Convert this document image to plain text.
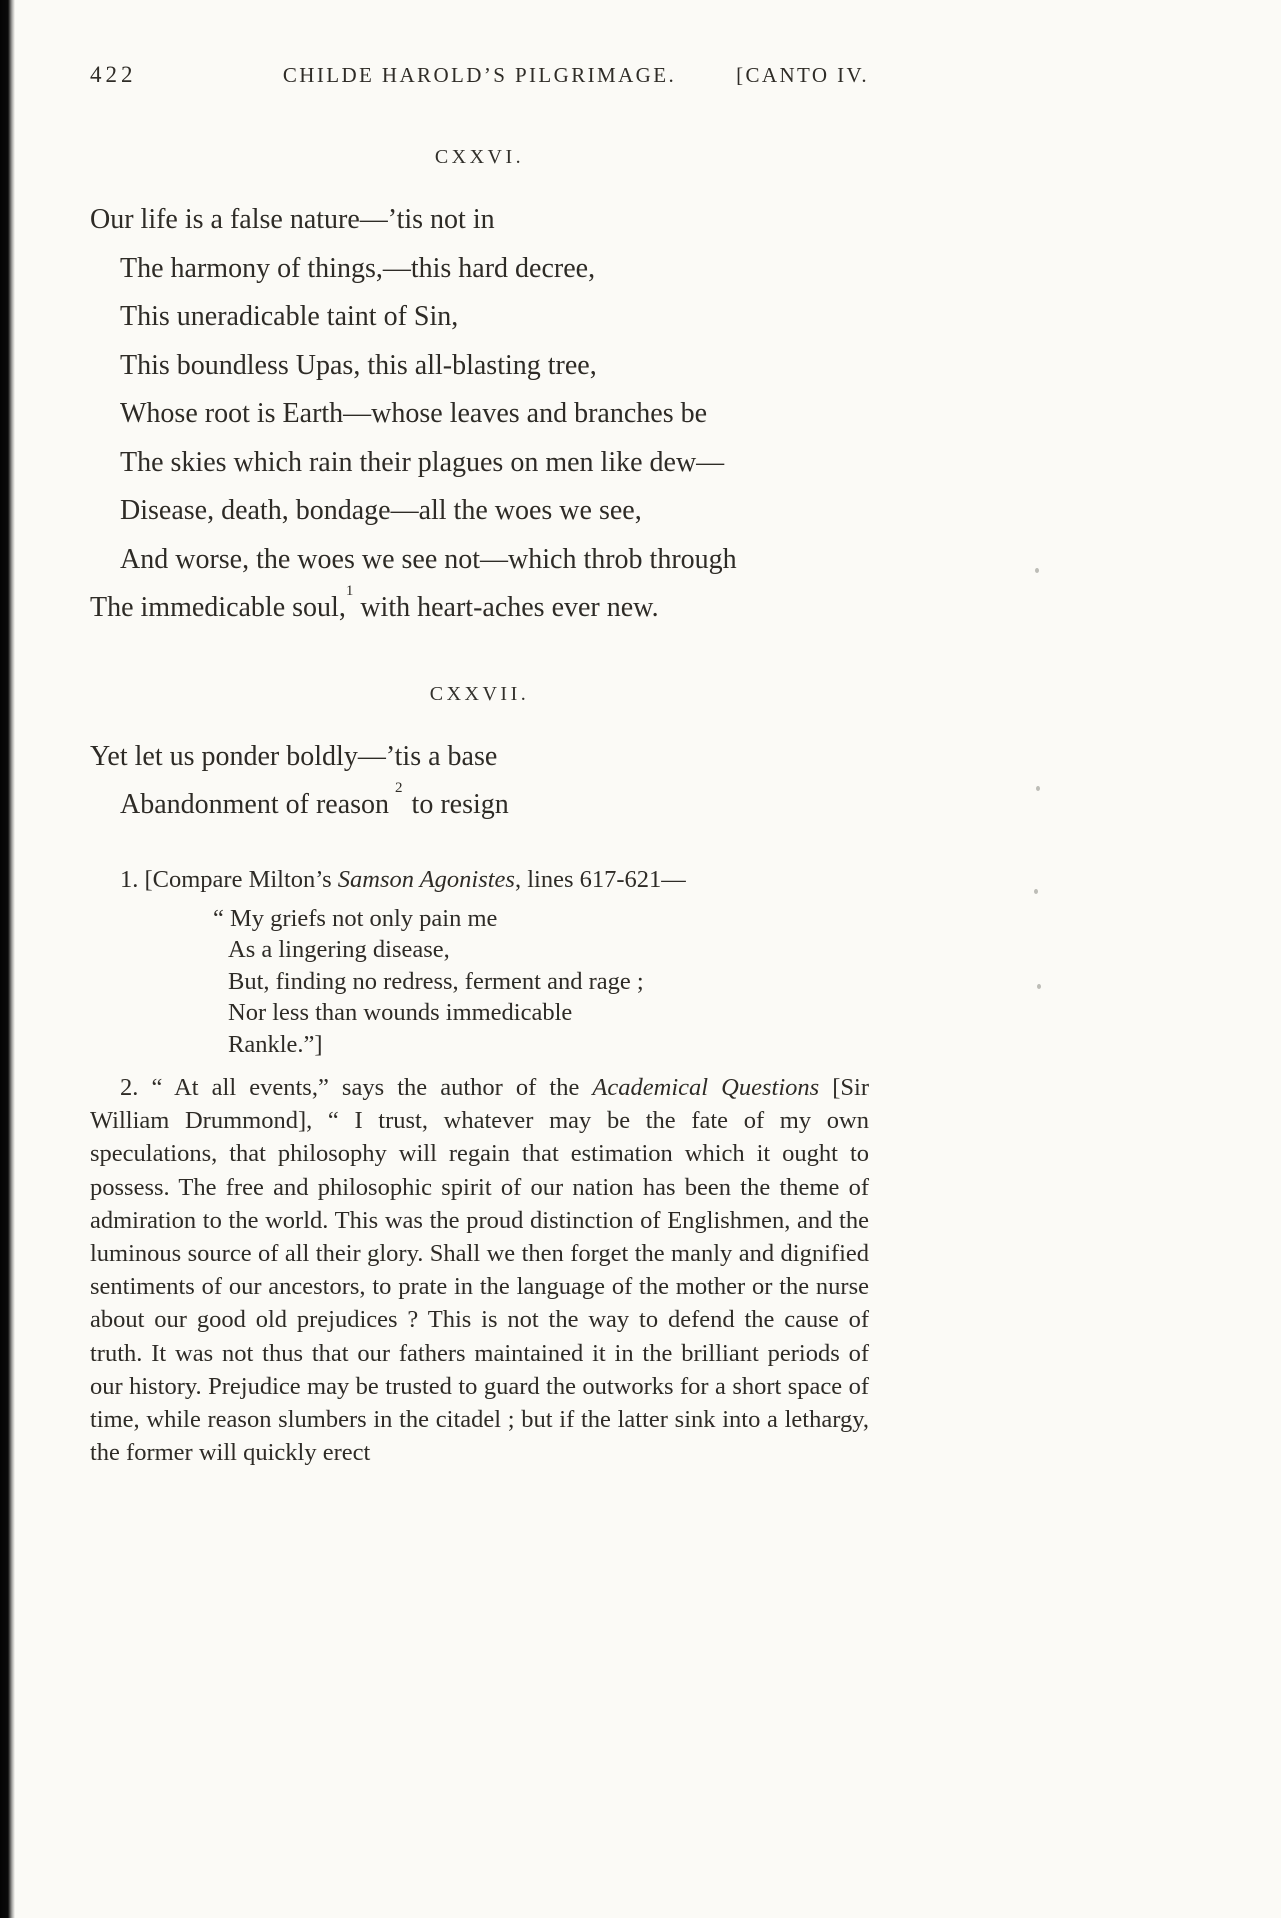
422	CHILDE HAROLD’S PILGRIMAGE.	[CANTO IV.
CXXVI.

Our life is a false nature—’tis not in

The harmony of things,—this hard decree,

This uneradicable taint of Sin,

This boundless Upas, this all-blasting tree,

Whose root is Earth—whose leaves and branches be

The skies which rain their plagues on men like dew—

Disease, death, bondage—all the woes we see,

And worse, the woes we see not—which throb through

The immedicable soul,$^1$ with heart-aches ever new.

CXXVII.

Yet let us ponder boldly—’tis a base

Abandonment of reason$^2$ to resign

1. [Compare Milton’s Samson Agonistes, lines 617-621—

“ My griefs not only pain me

As a lingering disease,

But, finding no redress, ferment and rage ;

Nor less than wounds immedicable

Rankle.”]

2. “ At all events,” says the author of the Academical Questions [Sir William Drummond], “ I trust, whatever may be the fate of my own speculations, that philosophy will regain that estimation which it ought to possess. The free and philosophic spirit of our nation has been the theme of admiration to the world. This was the proud distinction of Englishmen, and the luminous source of all their glory. Shall we then forget the manly and dignified sentiments of our ancestors, to prate in the language of the mother or the nurse about our good old prejudices ? This is not the way to defend the cause of truth. It was not thus that our fathers maintained it in the brilliant periods of our history. Prejudice may be trusted to guard the outworks for a short space of time, while reason slumbers in the citadel ; but if the latter sink into a lethargy, the former will quickly erect
